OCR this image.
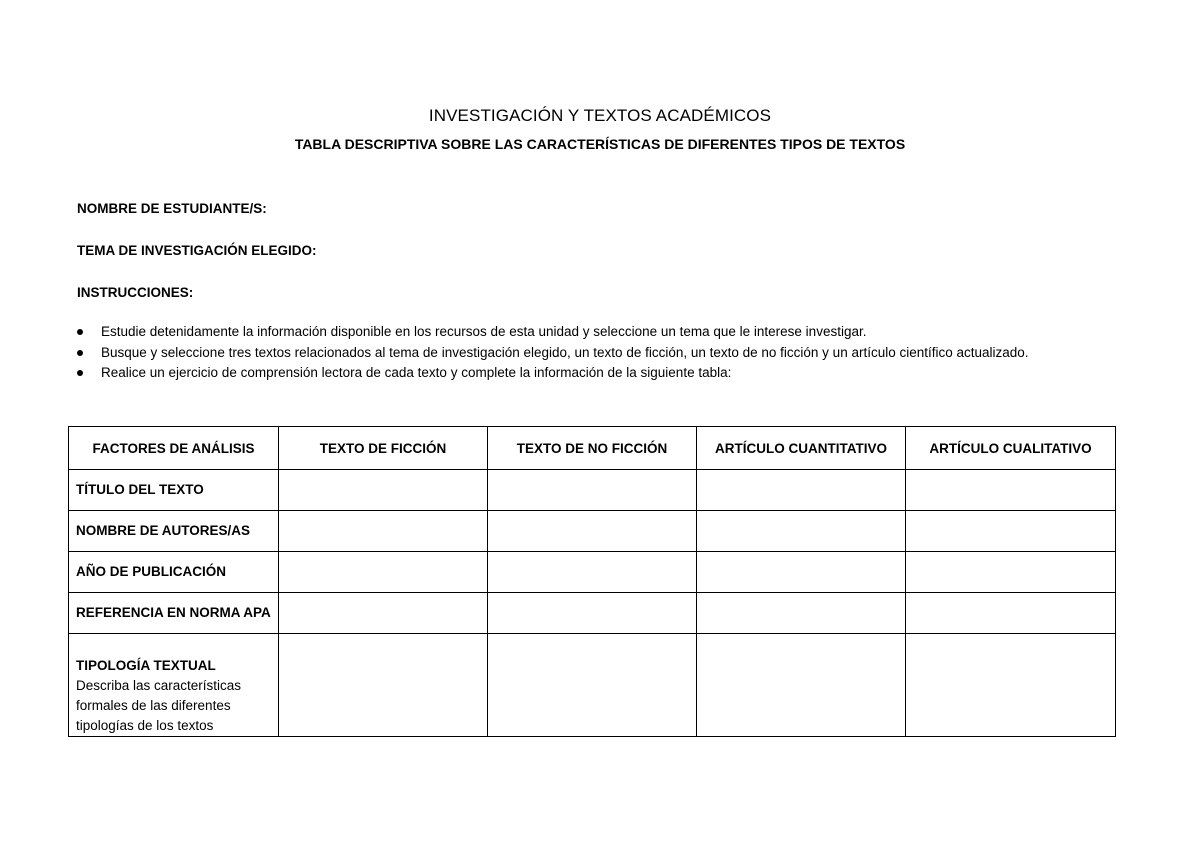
INVESTIGACIÓN Y TEXTOS ACADÉMICOS
TABLA DESCRIPTIVA SOBRE LAS CARACTERÍSTICAS DE DIFERENTES TIPOS DE TEXTOS
NOMBRE DE ESTUDIANTE/S:
TEMA DE INVESTIGACIÓN ELEGIDO:
INSTRUCCIONES:
Estudie detenidamente la información disponible en los recursos de esta unidad y seleccione un tema que le interese investigar.
Busque y seleccione tres textos relacionados al tema de investigación elegido, un texto de ficción, un texto de no ficción y un artículo científico actualizado.
Realice un ejercicio de comprensión lectora de cada texto y complete la información de la siguiente tabla:
FACTORES DE ANÁLISIS	TEXTO DE FICCIÓN	TEXTO DE NO FICCIÓN	ARTÍCULO CUANTITATIVO	ARTÍCULO CUALITATIVO
TÍTULO DEL TEXTO				
NOMBRE DE AUTORES/AS				
AÑO DE PUBLICACIÓN				
REFERENCIA EN NORMA APA				

TIPOLOGÍA TEXTUAL
Describa las características formales de las diferentes tipologías de los textos				
